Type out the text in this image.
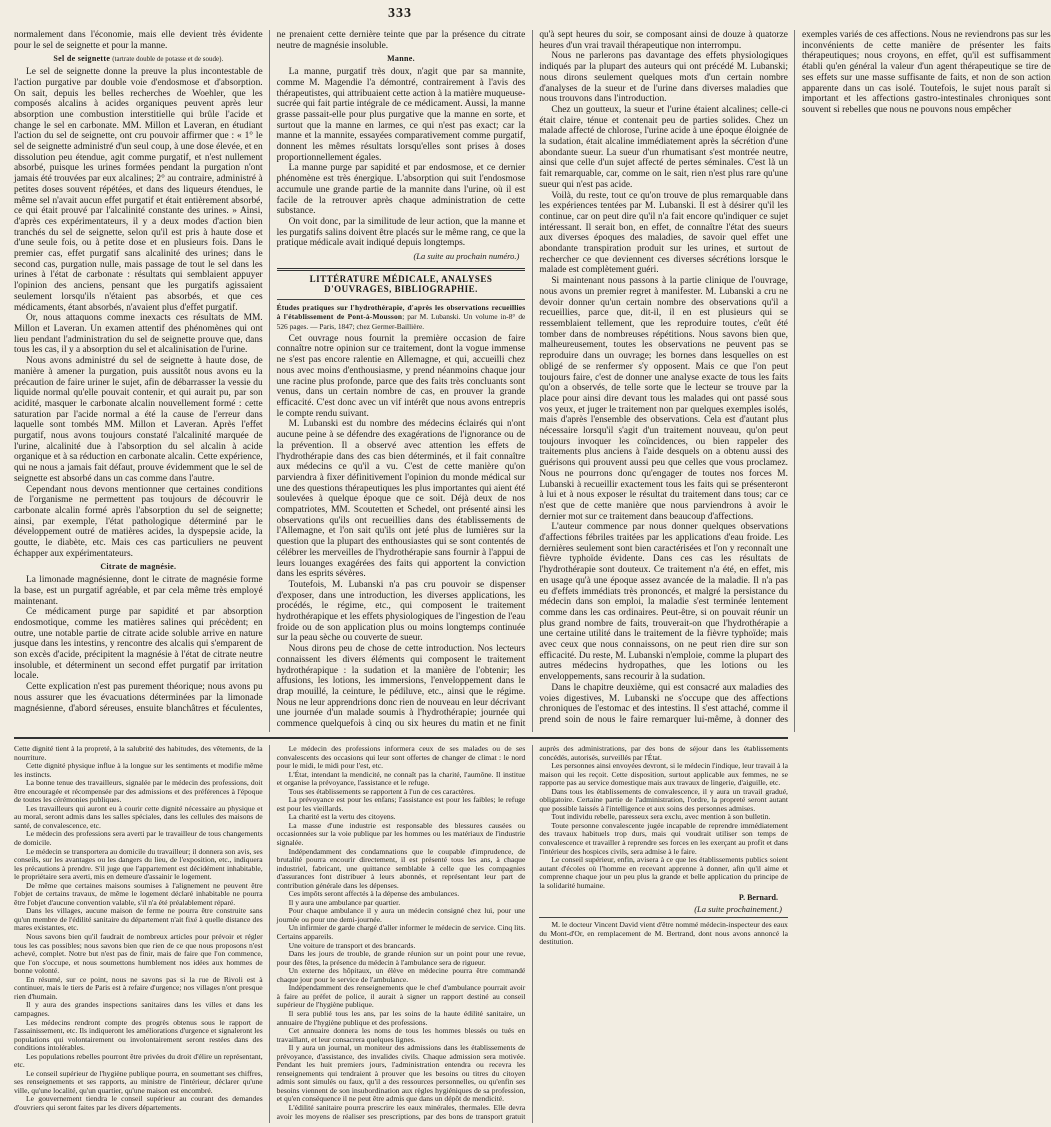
333

normalement dans l'économie, mais elle devient très évidente pour le sel de seignette et pour la manne.

Sel de seignette (tartrate double de potasse et de soude).

Le sel de seignette donne la preuve la plus incontestable de l'action purgative par double voie d'endosmose et d'absorption. On sait, depuis les belles recherches de Woehler, que les composés alcalins à acides organiques peuvent après leur absorption une combustion interstitielle qui brûle l'acide et change le sel en carbonate. MM. Millon et Laveran, en étudiant l'action du sel de seignette, ont cru pouvoir affirmer que : « 1° le sel de seignette administré d'un seul coup, à une dose élevée, et en dissolution peu étendue, agit comme purgatif, et n'est nullement absorbé, puisque les urines formées pendant la purgation n'ont jamais été trouvées par eux alcalines; 2° au contraire, administré à petites doses souvent répétées, et dans des liqueurs étendues, le même sel n'avait aucun effet purgatif et était entièrement absorbé, ce qui était prouvé par l'alcalinité constante des urines. » Ainsi, d'après ces expérimentateurs, il y a deux modes d'action bien tranchés du sel de seignette, selon qu'il est pris à haute dose et d'une seule fois, ou à petite dose et en plusieurs fois. Dans le premier cas, effet purgatif sans alcalinité des urines; dans le second cas, purgation nulle, mais passage de tout le sel dans les urines à l'état de carbonate : résultats qui semblaient appuyer l'opinion des anciens, pensant que les purgatifs agissaient seulement lorsqu'ils n'étaient pas absorbés, et que ces médicaments, étant absorbés, n'avaient plus d'effet purgatif.

Or, nous attaquons comme inexacts ces résultats de MM. Millon et Laveran. Un examen attentif des phénomènes qui ont lieu pendant l'administration du sel de seignette prouve que, dans tous les cas, il y a absorption du sel et alcalinisation de l'urine.

Nous avons administré du sel de seignette à haute dose, de manière à amener la purgation, puis aussitôt nous avons eu la précaution de faire uriner le sujet, afin de débarrasser la vessie du liquide normal qu'elle pouvait contenir, et qui aurait pu, par son acidité, masquer le carbonate alcalin nouvellement formé : cette saturation par l'acide normal a été la cause de l'erreur dans laquelle sont tombés MM. Millon et Laveran. Après l'effet purgatif, nous avons toujours constaté l'alcalinité marquée de l'urine, alcalinité due à l'absorption du sel alcalin à acide organique et à sa réduction en carbonate alcalin. Cette expérience, qui ne nous a jamais fait défaut, prouve évidemment que le sel de seignette est absorbé dans un cas comme dans l'autre.

Cependant nous devons mentionner que certaines conditions de l'organisme ne permettent pas toujours de découvrir le carbonate alcalin formé après l'absorption du sel de seignette; ainsi, par exemple, l'état pathologique déterminé par le développement outré de matières acides, la dyspepsie acide, la goutte, le diabète, etc. Mais ces cas particuliers ne peuvent échapper aux expérimentateurs.

Citrate de magnésie.

La limonade magnésienne, dont le citrate de magnésie forme la base, est un purgatif agréable, et par cela même très employé maintenant.

Ce médicament purge par sapidité et par absorption endosmotique, comme les matières salines qui précèdent; en outre, une notable partie de citrate acide soluble arrive en nature jusque dans les intestins, y rencontre des alcalis qui s'emparent de son excès d'acide, précipitent la magnésie à l'état de citrate neutre insoluble, et déterminent un second effet purgatif par irritation locale.

Cette explication n'est pas purement théorique; nous avons pu nous assurer que les évacuations déterminées par la limonade magnésienne, d'abord séreuses, ensuite blanchâtres et féculentes, ne prenaient cette dernière teinte que par la présence du citrate neutre de magnésie insoluble.

Manne.

La manne, purgatif très doux, n'agit que par sa mannite, comme M. Magendie l'a démontré, contrairement à l'avis des thérapeutistes, qui attribuaient cette action à la matière muqueuse-sucrée qui fait partie intégrale de ce médicament. Aussi, la manne grasse passait-elle pour plus purgative que la manne en sorte, et surtout que la manne en larmes, ce qui n'est pas exact; car la manne et la mannite, essayées comparativement comme purgatif, donnent les mêmes résultats lorsqu'elles sont prises à doses proportionnellement égales.

La manne purge par sapidité et par endosmose, et ce dernier phénomène est très énergique. L'absorption qui suit l'endosmose accumule une grande partie de la mannite dans l'urine, où il est facile de la retrouver après chaque administration de cette substance.

On voit donc, par la similitude de leur action, que la manne et les purgatifs salins doivent être placés sur le même rang, ce que la pratique médicale avait indiqué depuis longtemps.

(La suite au prochain numéro.)
LITTÉRATURE MÉDICALE, ANALYSES D'OUVRAGES, BIBLIOGRAPHIE.
Études pratiques sur l'hydrothérapie, d'après les observations recueillies à l'établissement de Pont-à-Mousson; par M. Lubanski. Un volume in-8° de 526 pages. — Paris, 1847; chez Germer-Baillière.

Cet ouvrage nous fournit la première occasion de faire connaître notre opinion sur ce traitement, dont la vogue immense ne s'est pas encore ralentie en Allemagne, et qui, accueilli chez nous avec moins d'enthousiasme, y prend néanmoins chaque jour une racine plus profonde, parce que des faits très concluants sont venus, dans un certain nombre de cas, en prouver la grande efficacité. C'est donc avec un vif intérêt que nous avons entrepris le compte rendu suivant.

M. Lubanski est du nombre des médecins éclairés qui n'ont aucune peine à se défendre des exagérations de l'ignorance ou de la prévention. Il a observé avec attention les effets de l'hydrothérapie dans des cas bien déterminés, et il fait connaître aux médecins ce qu'il a vu. C'est de cette manière qu'on parviendra à fixer définitivement l'opinion du monde médical sur une des questions thérapeutiques les plus importantes qui aient été soulevées à quelque époque que ce soit. Déjà deux de nos compatriotes, MM. Scoutetten et Schedel, ont présenté ainsi les observations qu'ils ont recueillies dans des établissements de l'Allemagne, et l'on sait qu'ils ont jeté plus de lumières sur la question que la plupart des enthousiastes qui se sont contentés de célébrer les merveilles de l'hydrothérapie sans fournir à l'appui de leurs louanges exagérées des faits qui apportent la conviction dans les esprits sévères.

Toutefois, M. Lubanski n'a pas cru pouvoir se dispenser d'exposer, dans une introduction, les diverses applications, les procédés, le régime, etc., qui composent le traitement hydrothérapique et les effets physiologiques de l'ingestion de l'eau froide ou de son application plus ou moins longtemps continuée sur la peau sèche ou couverte de sueur.

Nous dirons peu de chose de cette introduction. Nos lecteurs connaissent les divers éléments qui composent le traitement hydrothérapique : la sudation et la manière de l'obtenir; les affusions, les lotions, les immersions, l'enveloppement dans le drap mouillé, la ceinture, le pédiluve, etc., ainsi que le régime. Nous ne leur apprendrions donc rien de nouveau en leur décrivant une journée d'un malade soumis à l'hydrothérapie; journée qui commence quelquefois à cinq ou six heures du matin et ne finit qu'à sept heures du soir, se composant ainsi de douze à quatorze heures d'un vrai travail thérapeutique non interrompu.

Nous ne parlerons pas davantage des effets physiologiques indiqués par la plupart des auteurs qui ont précédé M. Lubanski; nous dirons seulement quelques mots d'un certain nombre d'analyses de la sueur et de l'urine dans diverses maladies que nous trouvons dans l'introduction.

Chez un goutteux, la sueur et l'urine étaient alcalines; celle-ci était claire, ténue et contenait peu de parties solides. Chez un malade affecté de chlorose, l'urine acide à une époque éloignée de la sudation, était alcaline immédiatement après la sécrétion d'une abondante sueur. La sueur d'un rhumatisant s'est montrée neutre, ainsi que celle d'un sujet affecté de pertes séminales. C'est là un fait remarquable, car, comme on le sait, rien n'est plus rare qu'une sueur qui n'est pas acide.

Voilà, du reste, tout ce qu'on trouve de plus remarquable dans les expériences tentées par M. Lubanski. Il est à désirer qu'il les continue, car on peut dire qu'il n'a fait encore qu'indiquer ce sujet intéressant. Il serait bon, en effet, de connaître l'état des sueurs aux diverses époques des maladies, de savoir quel effet une abondante transpiration produit sur les urines, et surtout de rechercher ce que deviennent ces diverses sécrétions lorsque le malade est complètement guéri.

Si maintenant nous passons à la partie clinique de l'ouvrage, nous avons un premier regret à manifester. M. Lubanski a cru ne devoir donner qu'un certain nombre des observations qu'il a recueillies, parce que, dit-il, il en est plusieurs qui se ressemblaient tellement, que les reproduire toutes, c'eût été tomber dans de nombreuses répétitions. Nous savons bien que, malheureusement, toutes les observations ne peuvent pas se reproduire dans un ouvrage; les bornes dans lesquelles on est obligé de se renfermer s'y opposent. Mais ce que l'on peut toujours faire, c'est de donner une analyse exacte de tous les faits qu'on a observés, de telle sorte que le lecteur se trouve par la place pour ainsi dire devant tous les malades qui ont passé sous vos yeux, et juger le traitement non par quelques exemples isolés, mais d'après l'ensemble des observations. Cela est d'autant plus nécessaire lorsqu'il s'agit d'un traitement nouveau, qu'on peut toujours invoquer les coïncidences, ou bien rappeler des traitements plus anciens à l'aide desquels on a obtenu aussi des guérisons qui prouvent aussi peu que celles que vous proclamez. Nous ne pourrons donc qu'engager de toutes nos forces M. Lubanski à recueillir exactement tous les faits qui se présenteront à lui et à nous exposer le résultat du traitement dans tous; car ce n'est que de cette manière que nous parviendrons à avoir le dernier mot sur ce traitement dans beaucoup d'affections.

L'auteur commence par nous donner quelques observations d'affections fébriles traitées par les applications d'eau froide. Les dernières seulement sont bien caractérisées et l'on y reconnaît une fièvre typhoïde évidente. Dans ces cas les résultats de l'hydrothérapie sont douteux. Ce traitement n'a été, en effet, mis en usage qu'à une époque assez avancée de la maladie. Il n'a pas eu d'effets immédiats très prononcés, et malgré la persistance du médecin dans son emploi, la maladie s'est terminée lentement comme dans les cas ordinaires. Peut-être, si on pouvait réunir un plus grand nombre de faits, trouverait-on que l'hydrothérapie a une certaine utilité dans le traitement de la fièvre typhoïde; mais avec ceux que nous connaissons, on ne peut rien dire sur son efficacité. Du reste, M. Lubanski n'emploie, comme la plupart des autres médecins hydropathes, que les lotions ou les enveloppements, sans recourir à la sudation.

Dans le chapitre deuxième, qui est consacré aux maladies des voies digestives, M. Lubanski ne s'occupe que des affections chroniques de l'estomac et des intestins. Il s'est attaché, comme il prend soin de nous le faire remarquer lui-même, à donner des exemples variés de ces affections. Nous ne reviendrons pas sur les inconvénients de cette manière de présenter les faits thérapeutiques; nous croyons, en effet, qu'il est suffisamment établi qu'en général la valeur d'un agent thérapeutique se tire de ses effets sur une masse suffisante de faits, et non de son action apparente dans un cas isolé. Toutefois, le sujet nous paraît si important et les affections gastro-intestinales chroniques sont souvent si rebelles que nous ne pouvons nous empêcher

Cette dignité tient à la propreté, à la salubrité des habitudes, des vêtements, de la nourriture.

Cette dignité physique influe à la longue sur les sentiments et modifie même les instincts.

La bonne tenue des travailleurs, signalée par le médecin des professions, doit être encouragée et récompensée par des admissions et des préférences à l'époque de toutes les cérémonies publiques.

Les travailleurs qui auront eu à courir cette dignité nécessaire au physique et au moral, seront admis dans les salles spéciales, dans les cellules des maisons de santé, de convalescence, etc.

Le médecin des professions sera averti par le travailleur de tous changements de domicile.

Le médecin se transportera au domicile du travailleur; il donnera son avis, ses conseils, sur les avantages ou les dangers du lieu, de l'exposition, etc., indiquera les précautions à prendre. S'il juge que l'appartement est décidément inhabitable, le propriétaire sera averti, mis en demeure d'assainir le logement.

De même que certaines maisons soumises à l'alignement ne peuvent être l'objet de certains travaux, de même le logement déclaré inhabitable ne pourra être l'objet d'aucune convention valable, s'il n'a été préalablement réparé.

Dans les villages, aucune maison de ferme ne pourra être construite sans qu'un membre de l'édilité sanitaire du département n'ait fixé à quelle distance des mares existantes, etc.

Nous savons bien qu'il faudrait de nombreux articles pour prévoir et régler tous les cas possibles; nous savons bien que rien de ce que nous proposons n'est achevé, complet. Notre but n'est pas de finir, mais de faire que l'on commence, que l'on s'occupe, et nous soumettons humblement nos idées aux hommes de bonne volonté.

En résumé, sur ce point, nous ne savons pas si la rue de Rivoli est à continuer, mais le tiers de Paris est à refaire d'urgence; nos villages n'ont presque rien d'humain.

Il y aura des grandes inspections sanitaires dans les villes et dans les campagnes.

Les médecins rendront compte des progrès obtenus sous le rapport de l'assainissement, etc. Ils indiqueront les améliorations d'urgence et signaleront les populations qui volontairement ou involontairement seront restées dans des conditions intolérables.

Les populations rebelles pourront être privées du droit d'élire un représentant, etc.

Le conseil supérieur de l'hygiène publique pourra, en soumettant ses chiffres, ses renseignements et ses rapports, au ministre de l'intérieur, déclarer qu'une ville, qu'une localité, qu'un quartier, qu'une maison est encombré.

Le gouvernement tiendra le conseil supérieur au courant des demandes d'ouvriers qui seront faites par les divers départements.

Le médecin des professions informera ceux de ses malades ou de ses convalescents des occasions qui leur sont offertes de changer de climat : le nord pour le midi, le midi pour l'est, etc.

L'État, intendant la mendicité, ne connaît pas la charité, l'aumône. Il institue et organise la prévoyance, l'assistance et le refuge.

Tous ses établissements se rapportent à l'un de ces caractères.

La prévoyance est pour les enfans; l'assistance est pour les faibles; le refuge est pour les vieillards.

La charité est la vertu des citoyens.

La masse d'une industrie est responsable des blessures causées ou occasionnées sur la voie publique par les hommes ou les matériaux de l'industrie signalée.

Indépendamment des condamnations que le coupable d'imprudence, de brutalité pourra encourir directement, il est présenté tous les ans, à chaque industriel, fabricant, une quittance semblable à celle que les compagnies d'assurances font distribuer à leurs abonnés, et représentant leur part de contribution générale dans les dépenses.

Ces impôts seront affectés à la dépense des ambulances.

Il y aura une ambulance par quartier.

Pour chaque ambulance il y aura un médecin consigné chez lui, pour une journée ou pour une demi-journée.

Un infirmier de garde chargé d'aller informer le médecin de service. Cinq lits. Certains appareils.

Une voiture de transport et des brancards.

Dans les jours de trouble, de grande réunion sur un point pour une revue, pour des fêtes, la présence du médecin à l'ambulance sera de rigueur.

Un externe des hôpitaux, un élève en médecine pourra être commandé chaque jour pour le service de l'ambulance.

Indépendamment des renseignements que le chef d'ambulance pourrait avoir à faire au préfet de police, il aurait à signer un rapport destiné au conseil supérieur de l'hygiène publique.

Il sera publié tous les ans, par les soins de la haute édilité sanitaire, un annuaire de l'hygiène publique et des professions.

Cet annuaire donnera les noms de tous les hommes blessés ou tués en travaillant, et leur consacrera quelques lignes.

Il y aura un journal, un moniteur des admissions dans les établissements de prévoyance, d'assistance, des invalides civils. Chaque admission sera motivée. Pendant les huit premiers jours, l'administration entendra ou recevra les renseignements qui tendraient à prouver que les besoins ou titres du citoyen admis sont simulés ou faux, qu'il a des ressources personnelles, ou qu'enfin ses besoins viennent de son insubordination aux règles hygiéniques de sa profession, et qu'en conséquence il ne peut être admis que dans un dépôt de mendicité.

L'édilité sanitaire pourra prescrire les eaux minérales, thermales. Elle devra avoir les moyens de réaliser ses prescriptions, par des bons de transport gratuit auprès des administrations, par des bons de séjour dans les établissements concédés, autorisés, surveillés par l'État.

Les personnes ainsi envoyées devront, si le médecin l'indique, leur travail à la maison qui les reçoit. Cette disposition, surtout applicable aux femmes, ne se rapporte pas au service domestique mais aux travaux de lingerie, d'aiguille, etc.

Dans tous les établissements de convalescence, il y aura un travail gradué, obligatoire. Certaine partie de l'administration, l'ordre, la propreté seront autant que possible laissés à l'intelligence et aux soins des personnes admises.

Tout individu rebelle, paresseux sera exclu, avec mention à son bulletin.

Toute personne convalescente jugée incapable de reprendre immédiatement des travaux habituels trop durs, mais qui voudrait utiliser son temps de convalescence et travailler à reprendre ses forces en les exerçant au profit et dans l'intérieur des hospices civils, sera admise à le faire.

Le conseil supérieur, enfin, avisera à ce que les établissements publics soient autant d'écoles où l'homme en recevant apprenne à donner, afin qu'il aime et comprenne chaque jour un peu plus la grande et belle application du principe de la solidarité humaine.

P. Bernard.
(La suite prochainement.)

M. le docteur Vincent David vient d'être nommé médecin-inspecteur des eaux du Mont-d'Or, en remplacement de M. Bertrand, dont nous avons annoncé la destitution.
